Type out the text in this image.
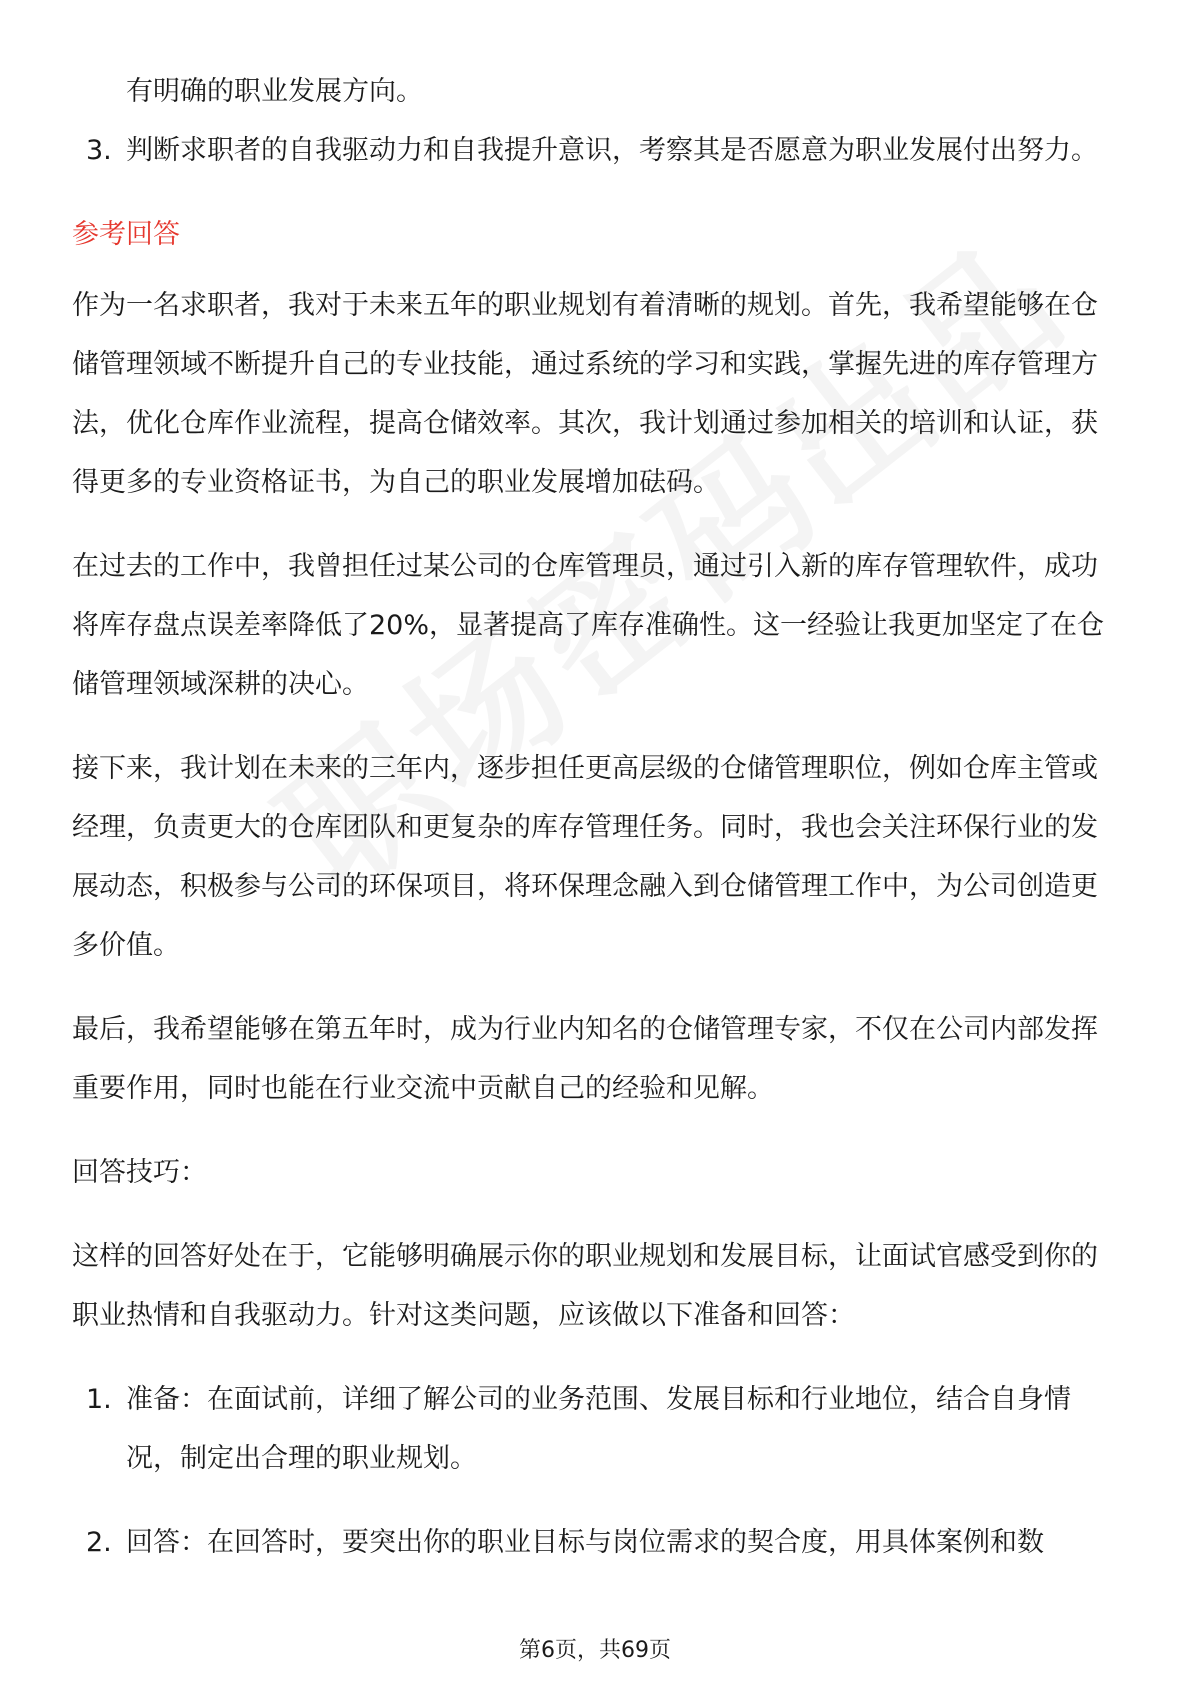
有明确的职业发展方向。
3. 判断求职者的自我驱动力和自我提升意识，考察其是否愿意为职业发展付出努力。
参考回答
作为一名求职者，我对于未来五年的职业规划有着清晰的规划。首先，我希望能够在仓储管理领域不断提升自己的专业技能，通过系统的学习和实践，掌握先进的库存管理方法，优化仓库作业流程，提高仓储效率。其次，我计划通过参加相关的培训和认证，获得更多的专业资格证书，为自己的职业发展增加砝码。
在过去的工作中，我曾担任过某公司的仓库管理员，通过引入新的库存管理软件，成功将库存盘点误差率降低了20%，显著提高了库存准确性。这一经验让我更加坚定了在仓储管理领域深耕的决心。
接下来，我计划在未来的三年内，逐步担任更高层级的仓储管理职位，例如仓库主管或经理，负责更大的仓库团队和更复杂的库存管理任务。同时，我也会关注环保行业的发展动态，积极参与公司的环保项目，将环保理念融入到仓储管理工作中，为公司创造更多价值。
最后，我希望能够在第五年时，成为行业内知名的仓储管理专家，不仅在公司内部发挥重要作用，同时也能在行业交流中贡献自己的经验和见解。
回答技巧：
这样的回答好处在于，它能够明确展示你的职业规划和发展目标，让面试官感受到你的职业热情和自我驱动力。针对这类问题，应该做以下准备和回答：
1. 准备：在面试前，详细了解公司的业务范围、发展目标和行业地位，结合自身情况，制定出合理的职业规划。
2. 回答：在回答时，要突出你的职业目标与岗位需求的契合度，用具体案例和数
第6页，共69页
